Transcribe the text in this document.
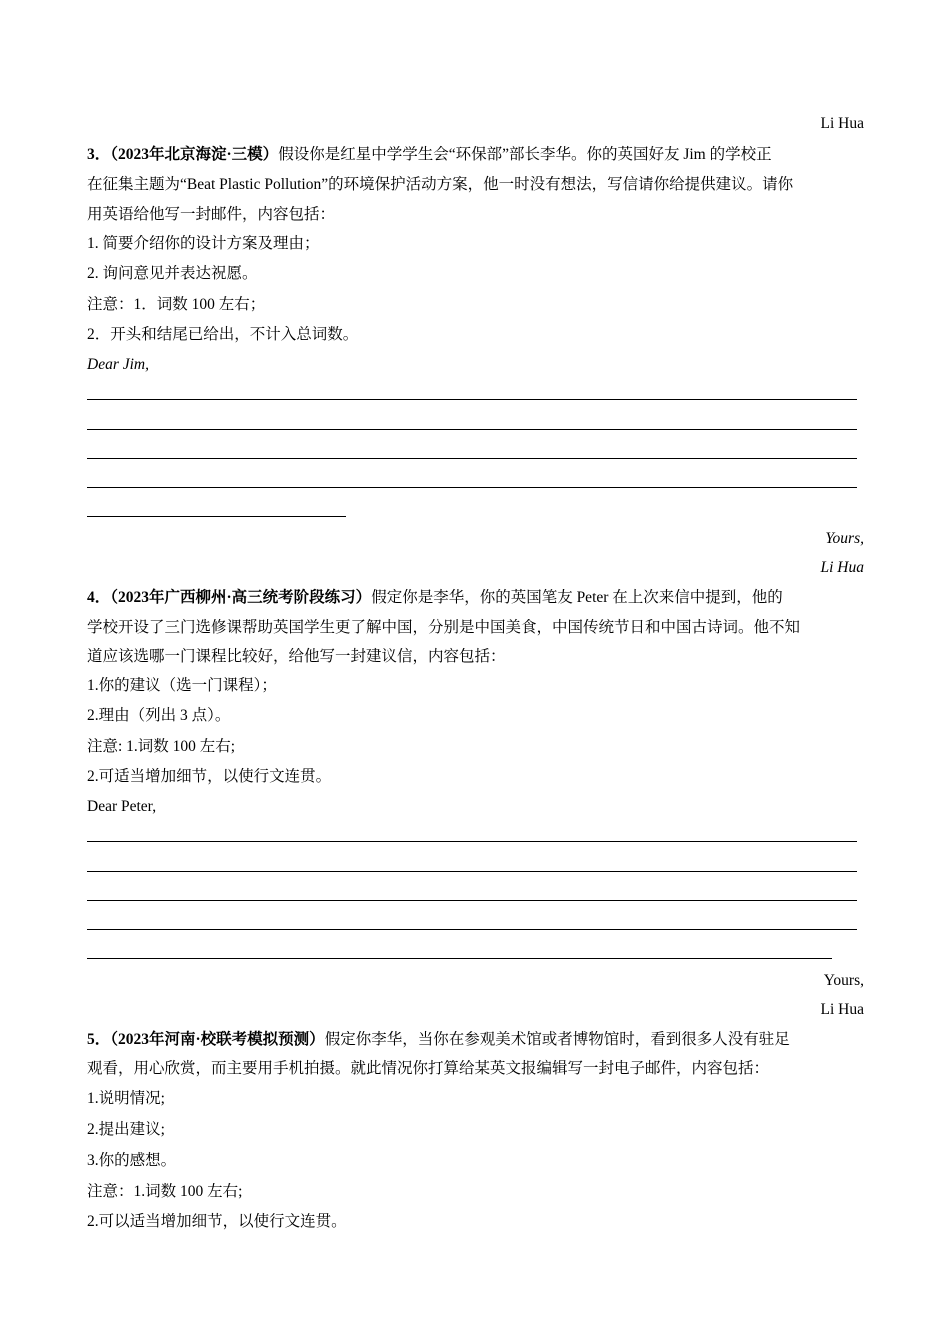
Li Hua
3．（2023年北京海淀·三模）假设你是红星中学学生会“环保部”部长李华。你的英国好友 Jim 的学校正
在征集主题为“Beat Plastic Pollution”的环境保护活动方案，他一时没有想法，写信请你给提供建议。请你
用英语给他写一封邮件，内容包括：
1. 简要介绍你的设计方案及理由；
2. 询问意见并表达祝愿。
注意：1．词数 100 左右；
2．开头和结尾已给出，不计入总词数。
Dear Jim,
Yours,
Li Hua
4．（2023年广西柳州·高三统考阶段练习）假定你是李华，你的英国笔友 Peter 在上次来信中提到，他的
学校开设了三门选修课帮助英国学生更了解中国，分别是中国美食，中国传统节日和中国古诗词。他不知
道应该选哪一门课程比较好，给他写一封建议信，内容包括：
1.你的建议（选一门课程）；
2.理由（列出 3 点）。
注意: 1.词数 100 左右;
2.可适当增加细节，以使行文连贯。
Dear Peter,
Yours,
Li Hua
5．（2023年河南·校联考模拟预测）假定你李华，当你在参观美术馆或者博物馆时，看到很多人没有驻足
观看，用心欣赏，而主要用手机拍摄。就此情况你打算给某英文报编辑写一封电子邮件，内容包括：
1.说明情况;
2.提出建议;
3.你的感想。
注意：1.词数 100 左右;
2.可以适当增加细节，以使行文连贯。
